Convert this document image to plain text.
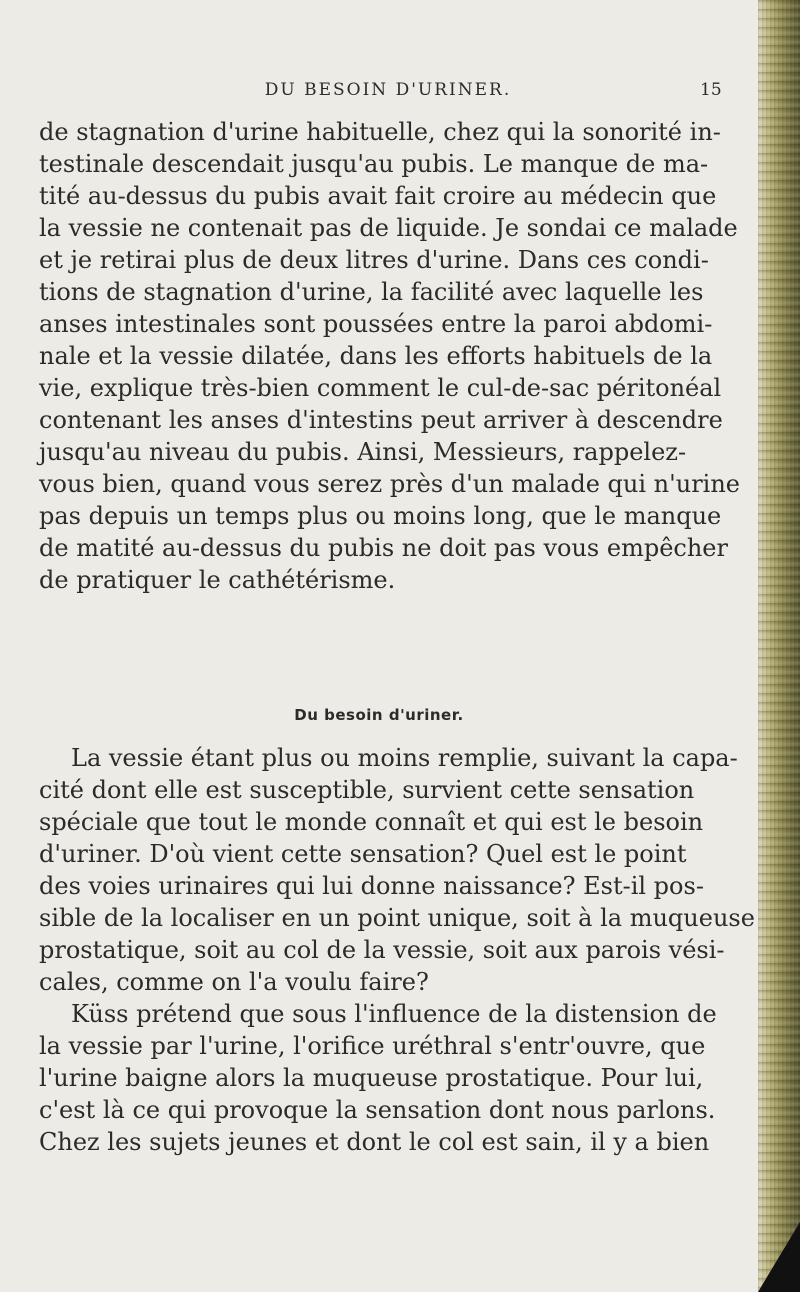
DU BESOIN D'URINER.	15
de stagnation d'urine habituelle, chez qui la sonorité in-
testinale descendait jusqu'au pubis. Le manque de ma-
tité au-dessus du pubis avait fait croire au médecin que
la vessie ne contenait pas de liquide. Je sondai ce malade
et je retirai plus de deux litres d'urine. Dans ces condi-
tions de stagnation d'urine, la facilité avec laquelle les
anses intestinales sont poussées entre la paroi abdomi-
nale et la vessie dilatée, dans les efforts habituels de la
vie, explique très-bien comment le cul-de-sac péritonéal
contenant les anses d'intestins peut arriver à descendre
jusqu'au niveau du pubis. Ainsi, Messieurs, rappelez-
vous bien, quand vous serez près d'un malade qui n'urine
pas depuis un temps plus ou moins long, que le manque
de matité au-dessus du pubis ne doit pas vous empêcher
de pratiquer le cathétérisme.
Du besoin d'uriner.
La vessie étant plus ou moins remplie, suivant la capa-
cité dont elle est susceptible, survient cette sensation
spéciale que tout le monde connaît et qui est le besoin
d'uriner. D'où vient cette sensation? Quel est le point
des voies urinaires qui lui donne naissance? Est-il pos-
sible de la localiser en un point unique, soit à la muqueuse
prostatique, soit au col de la vessie, soit aux parois vési-
cales, comme on l'a voulu faire?
Küss prétend que sous l'influence de la distension de
la vessie par l'urine, l'orifice uréthral s'entr'ouvre, que
l'urine baigne alors la muqueuse prostatique. Pour lui,
c'est là ce qui provoque la sensation dont nous parlons.
Chez les sujets jeunes et dont le col est sain, il y a bien
